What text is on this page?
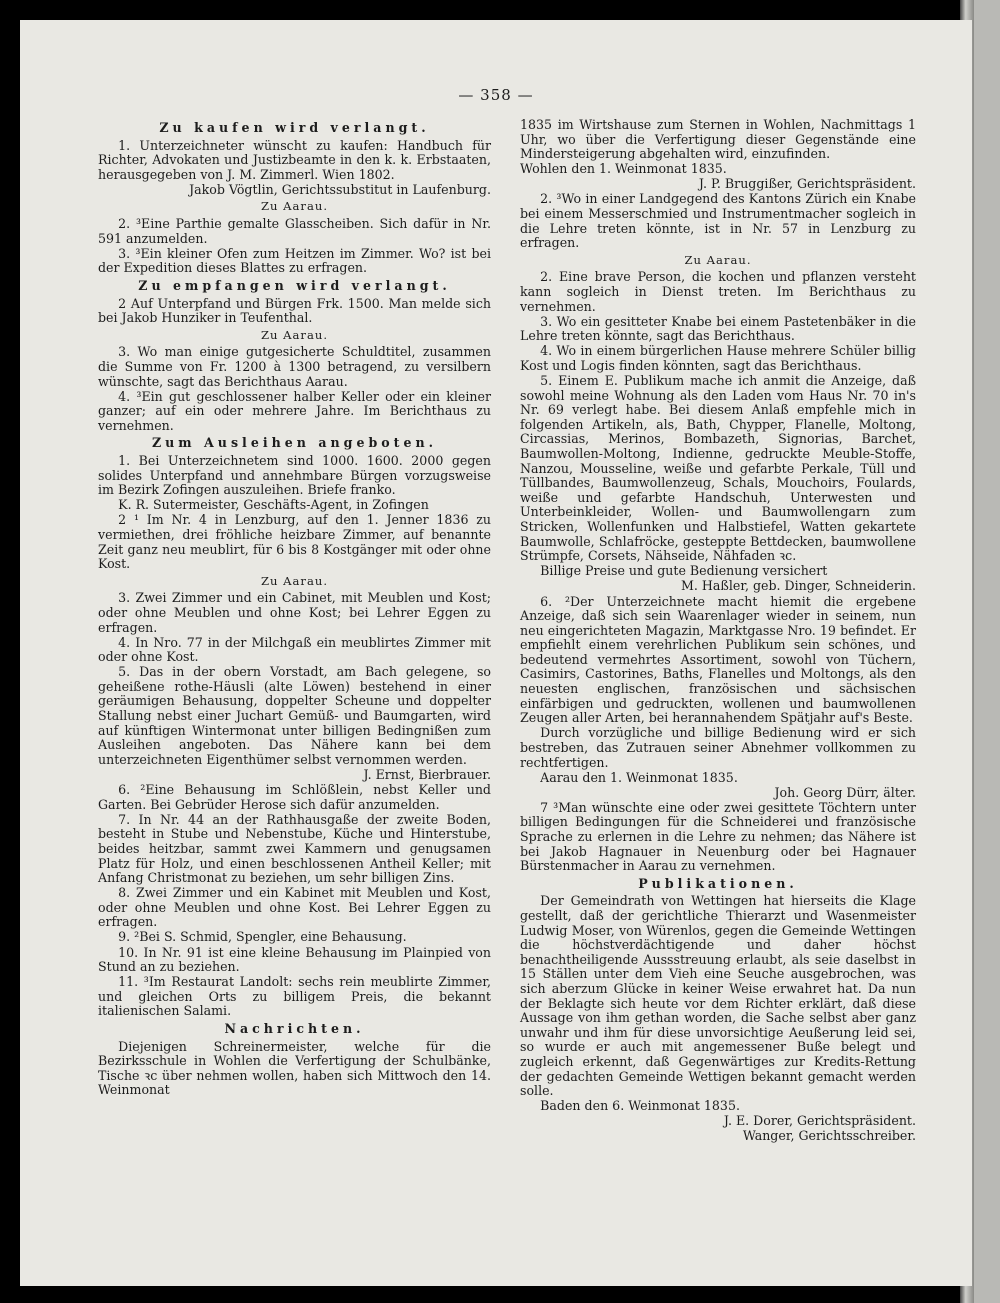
— 358 —

Zu kaufen wird verlangt.

1. Unterzeichneter wünscht zu kaufen: Handbuch für Richter, Advokaten und Justizbeamte in den k. k. Erbstaaten, herausgegeben von J. M. Zimmerl. Wien 1802.

Jakob Vögtlin, Gerichtssubstitut in Laufenburg.

Zu Aarau.

2. ³Eine Parthie gemalte Glasscheiben. Sich dafür in Nr. 591 anzumelden.

3. ³Ein kleiner Ofen zum Heitzen im Zimmer. Wo? ist bei der Expedition dieses Blattes zu erfragen.

Zu empfangen wird verlangt.

2 Auf Unterpfand und Bürgen Frk. 1500. Man melde sich bei Jakob Hunziker in Teufenthal.

Zu Aarau.

3. Wo man einige gutgesicherte Schuldtitel, zusammen die Summe von Fr. 1200 à 1300 betragend, zu versilbern wünschte, sagt das Berichthaus Aarau.

4. ³Ein gut geschlossener halber Keller oder ein kleiner ganzer; auf ein oder mehrere Jahre. Im Berichthaus zu vernehmen.

Zum Ausleihen angeboten.

1. Bei Unterzeichnetem sind 1000. 1600. 2000 gegen solides Unterpfand und annehmbare Bürgen vorzugsweise im Bezirk Zofingen auszuleihen. Briefe franko.

K. R. Sutermeister, Geschäfts-Agent, in Zofingen

2 ¹ Im Nr. 4 in Lenzburg, auf den 1. Jenner 1836 zu vermiethen, drei fröhliche heizbare Zimmer, auf benannte Zeit ganz neu meublirt, für 6 bis 8 Kostgänger mit oder ohne Kost.

Zu Aarau.

3. Zwei Zimmer und ein Cabinet, mit Meublen und Kost; oder ohne Meublen und ohne Kost; bei Lehrer Eggen zu erfragen.

4. In Nro. 77 in der Milchgaß ein meublirtes Zimmer mit oder ohne Kost.

5. Das in der obern Vorstadt, am Bach gelegene, so geheißene rothe-Häusli (alte Löwen) bestehend in einer geräumigen Behausung, doppelter Scheune und doppelter Stallung nebst einer Juchart Gemüß- und Baumgarten, wird auf künftigen Wintermonat unter billigen Bedingnißen zum Ausleihen angeboten. Das Nähere kann bei dem unterzeichneten Eigenthümer selbst vernommen werden.

J. Ernst, Bierbrauer.

6. ²Eine Behausung im Schlößlein, nebst Keller und Garten. Bei Gebrüder Herose sich dafür anzumelden.

7. In Nr. 44 an der Rathhausgaße der zweite Boden, besteht in Stube und Nebenstube, Küche und Hinterstube, beides heitzbar, sammt zwei Kammern und genugsamen Platz für Holz, und einen beschlossenen Antheil Keller; mit Anfang Christmonat zu beziehen, um sehr billigen Zins.

8. Zwei Zimmer und ein Kabinet mit Meublen und Kost, oder ohne Meublen und ohne Kost. Bei Lehrer Eggen zu erfragen.

9. ²Bei S. Schmid, Spengler, eine Behausung.

10. In Nr. 91 ist eine kleine Behausung im Plainpied von Stund an zu beziehen.

11. ³Im Restaurat Landolt: sechs rein meublirte Zimmer, und gleichen Orts zu billigem Preis, die bekannt italienischen Salami.

Nachrichten.

Diejenigen Schreinermeister, welche für die Bezirksschule in Wohlen die Verfertigung der Schulbänke, Tische ꝛc über nehmen wollen, haben sich Mittwoch den 14. Weinmonat

1835 im Wirtshause zum Sternen in Wohlen, Nachmittags 1 Uhr, wo über die Verfertigung dieser Gegenstände eine Mindersteigerung abgehalten wird, einzufinden.

Wohlen den 1. Weinmonat 1835.

J. P. Bruggißer, Gerichtspräsident.

2. ³Wo in einer Landgegend des Kantons Zürich ein Knabe bei einem Messerschmied und Instrumentmacher sogleich in die Lehre treten könnte, ist in Nr. 57 in Lenzburg zu erfragen.

Zu Aarau.

2. Eine brave Person, die kochen und pflanzen versteht kann sogleich in Dienst treten. Im Berichthaus zu vernehmen.

3. Wo ein gesitteter Knabe bei einem Pastetenbäker in die Lehre treten könnte, sagt das Berichthaus.

4. Wo in einem bürgerlichen Hause mehrere Schüler billig Kost und Logis finden könnten, sagt das Berichthaus.

5. Einem E. Publikum mache ich anmit die Anzeige, daß sowohl meine Wohnung als den Laden vom Haus Nr. 70 in's Nr. 69 verlegt habe. Bei diesem Anlaß empfehle mich in folgenden Artikeln, als, Bath, Chypper, Flanelle, Moltong, Circassias, Merinos, Bombazeth, Signorias, Barchet, Baumwollen-Moltong, Indienne, gedruckte Meuble-Stoffe, Nanzou, Mousseline, weiße und gefarbte Perkale, Tüll und Tüllbandes, Baumwollenzeug, Schals, Mouchoirs, Foulards, weiße und gefarbte Handschuh, Unterwesten und Unterbeinkleider, Wollen- und Baumwollengarn zum Stricken, Wollenfunken und Halbstiefel, Watten gekartete Baumwolle, Schlafröcke, gesteppte Bettdecken, baumwollene Strümpfe, Corsets, Nähseide, Nähfaden ꝛc.

Billige Preise und gute Bedienung versichert

M. Haßler, geb. Dinger, Schneiderin.

6. ²Der Unterzeichnete macht hiemit die ergebene Anzeige, daß sich sein Waarenlager wieder in seinem, nun neu eingerichteten Magazin, Marktgasse Nro. 19 befindet. Er empfiehlt einem verehrlichen Publikum sein schönes, und bedeutend vermehrtes Assortiment, sowohl von Tüchern, Casimirs, Castorines, Baths, Flanelles und Moltongs, als den neuesten englischen, französischen und sächsischen einfärbigen und gedruckten, wollenen und baumwollenen Zeugen aller Arten, bei herannahendem Spätjahr auf's Beste.

Durch vorzügliche und billige Bedienung wird er sich bestreben, das Zutrauen seiner Abnehmer vollkommen zu rechtfertigen.

Aarau den 1. Weinmonat 1835.

Joh. Georg Dürr, älter.

7 ³Man wünschte eine oder zwei gesittete Töchtern unter billigen Bedingungen für die Schneiderei und französische Sprache zu erlernen in die Lehre zu nehmen; das Nähere ist bei Jakob Hagnauer in Neuenburg oder bei Hagnauer Bürstenmacher in Aarau zu vernehmen.

Publikationen.

Der Gemeindrath von Wettingen hat hierseits die Klage gestellt, daß der gerichtliche Thierarzt und Wasenmeister Ludwig Moser, von Würenlos, gegen die Gemeinde Wettingen die höchstverdächtigende und daher höchst benachtheiligende Aussstreuung erlaubt, als seie daselbst in 15 Ställen unter dem Vieh eine Seuche ausgebrochen, was sich aberzum Glücke in keiner Weise erwahret hat. Da nun der Beklagte sich heute vor dem Richter erklärt, daß diese Aussage von ihm gethan worden, die Sache selbst aber ganz unwahr und ihm für diese unvorsichtige Aeußerung leid sei, so wurde er auch mit angemessener Buße belegt und zugleich erkennt, daß Gegenwärtiges zur Kredits-Rettung der gedachten Gemeinde Wettigen bekannt gemacht werden solle.

Baden den 6. Weinmonat 1835.

J. E. Dorer, Gerichtspräsident.

Wanger, Gerichtsschreiber.
